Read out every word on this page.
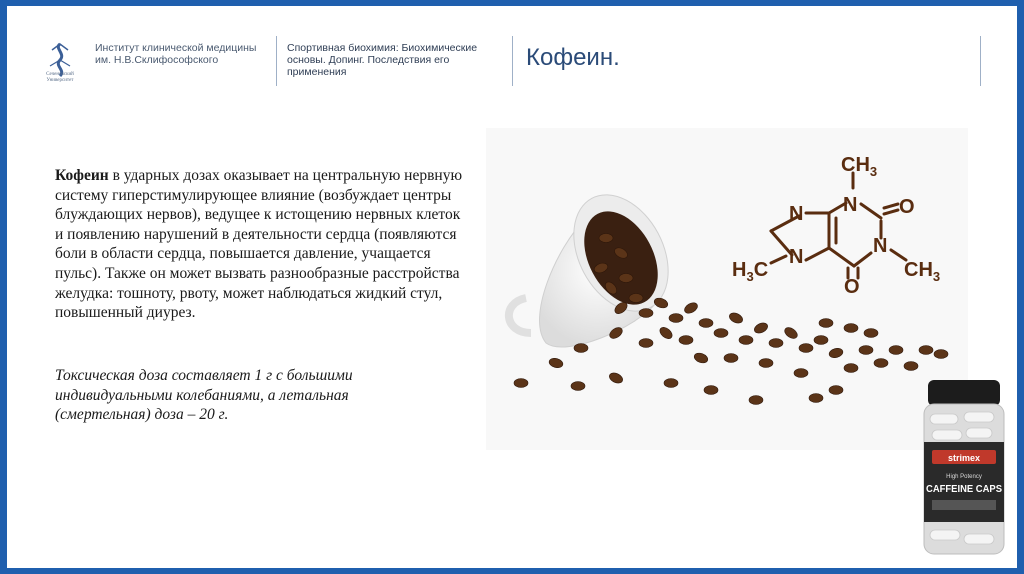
Сеченовский Университет
Институт клинической медицины им. Н.В.Склифософского
Спортивная биохимия: Биохимические основы. Допинг. Последствия его применения
Кофеин.
Кофеин в ударных дозах оказывает на центральную нервную систему гиперстимулирующее влияние (возбуждает центры блуждающих нервов), ведущее к истощению нервных клеток и появлению нарушений в деятельности сердца (появляются боли в области сердца, повышается давление, учащается пульс). Также он может вызвать разнообразные расстройства желудка: тошноту, рвоту, может наблюдаться жидкий стул, повышенный диурез.
Токсическая доза составляет 1 г с большими индивидуальными колебаниями, а летальная (смертельная) доза – 20 г.
N N
N
N
O
O
$CH_3$
$CH_3$
$H_3C$
strimex
High Potency
CAFFEINE CAPS
